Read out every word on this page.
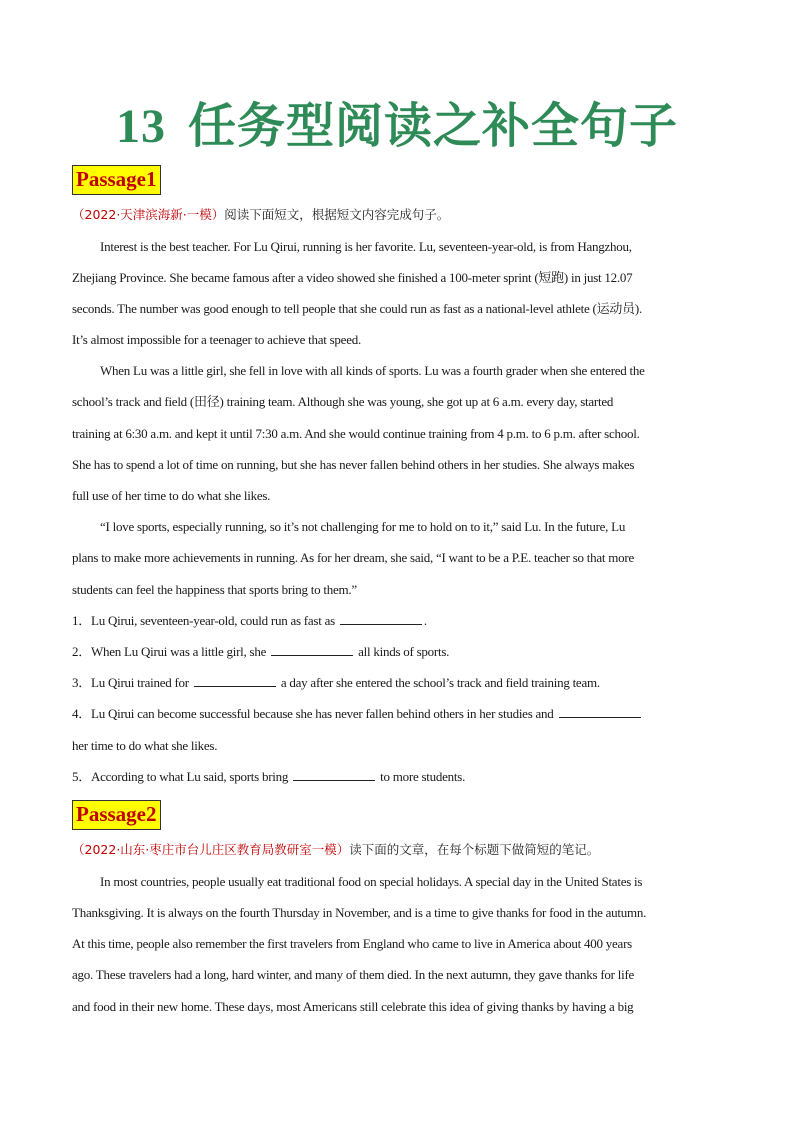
13 任务型阅读之补全句子
Passage1
（2022·天津滨海新·一模）阅读下面短文，根据短文内容完成句子。
Interest is the best teacher. For Lu Qirui, running is her favorite. Lu, seventeen-year-old, is from Hangzhou,
Zhejiang Province. She became famous after a video showed she finished a 100-meter sprint (短跑) in just 12.07
seconds. The number was good enough to tell people that she could run as fast as a national-level athlete (运动员).
It’s almost impossible for a teenager to achieve that speed.
When Lu was a little girl, she fell in love with all kinds of sports. Lu was a fourth grader when she entered the
school’s track and field (田径) training team. Although she was young, she got up at 6 a.m. every day, started
training at 6:30 a.m. and kept it until 7:30 a.m. And she would continue training from 4 p.m. to 6 p.m. after school.
She has to spend a lot of time on running, but she has never fallen behind others in her studies. She always makes
full use of her time to do what she likes.
“I love sports, especially running, so it’s not challenging for me to hold on to it,” said Lu. In the future, Lu
plans to make more achievements in running. As for her dream, she said, “I want to be a P.E. teacher so that more
students can feel the happiness that sports bring to them.”
1．Lu Qirui, seventeen-year-old, could run as fast as	.
2．When Lu Qirui was a little girl, she	all kinds of sports.
3．Lu Qirui trained for	a day after she entered the school’s track and field training team.
4．Lu Qirui can become successful because she has never fallen behind others in her studies and
her time to do what she likes.
5．According to what Lu said, sports bring	to more students.
Passage2
（2022·山东·枣庄市台儿庄区教育局教研室一模）读下面的文章，在每个标题下做简短的笔记。
In most countries, people usually eat traditional food on special holidays. A special day in the United States is
Thanksgiving. It is always on the fourth Thursday in November, and is a time to give thanks for food in the autumn.
At this time, people also remember the first travelers from England who came to live in America about 400 years
ago. These travelers had a long, hard winter, and many of them died. In the next autumn, they gave thanks for life
and food in their new home. These days, most Americans still celebrate this idea of giving thanks by having a big
